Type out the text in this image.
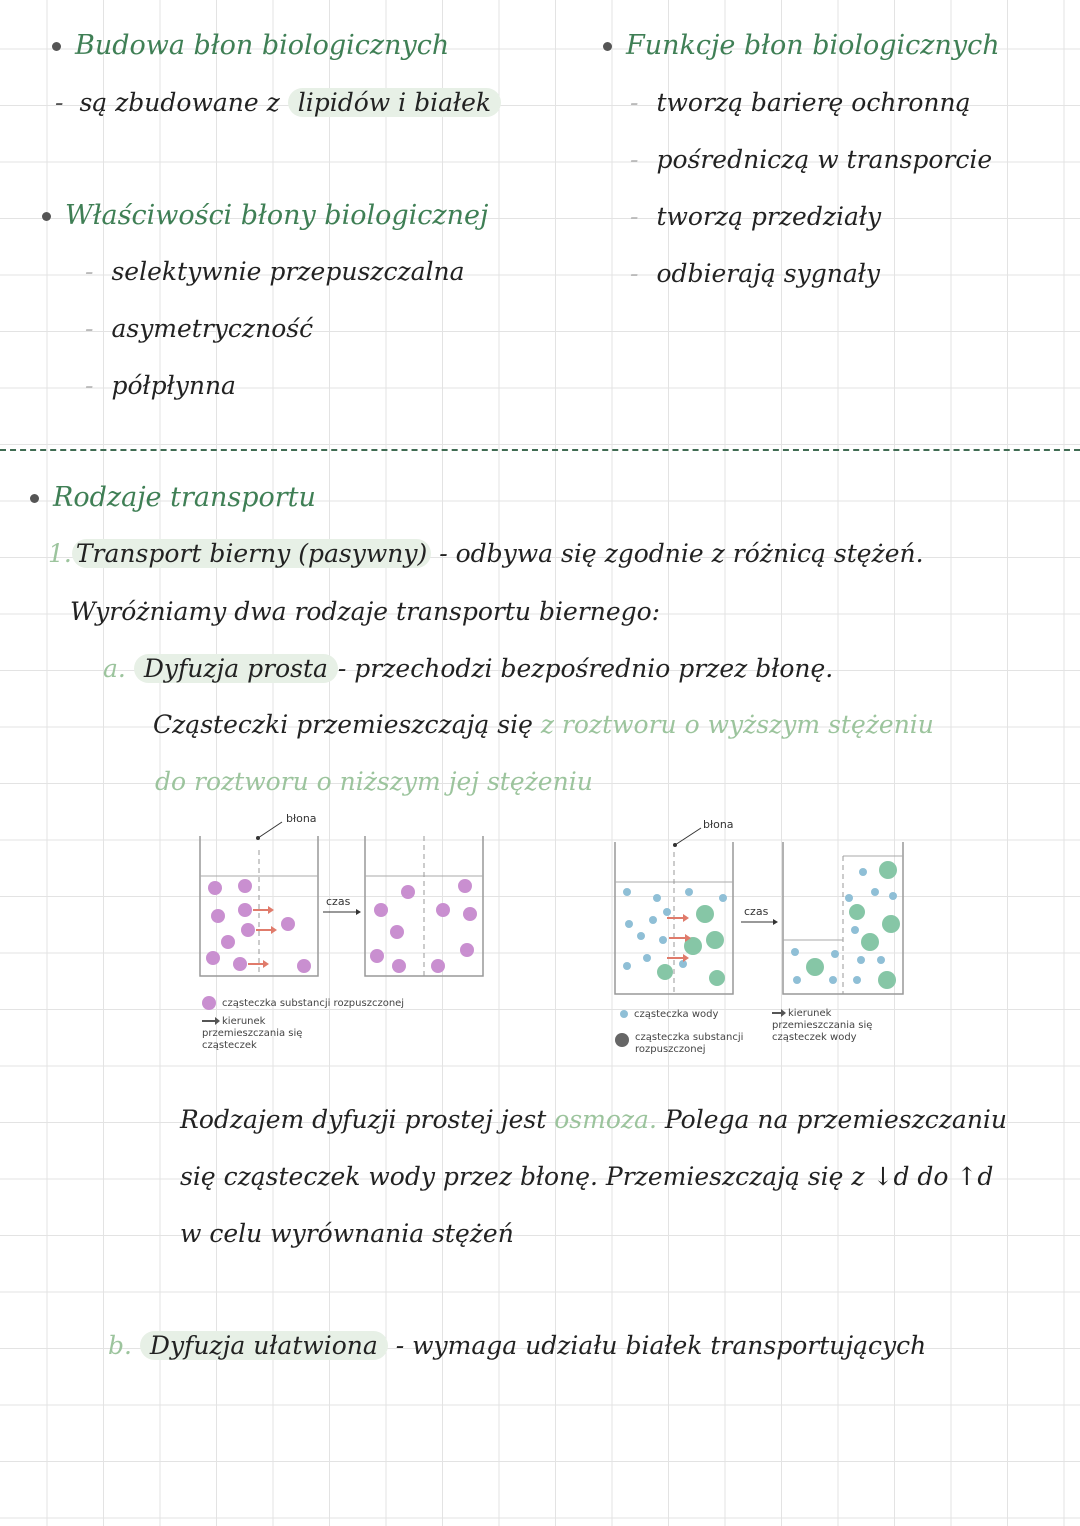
Budowa błon biologicznych
- są zbudowane z lipidów i białek
Funkcje błon biologicznych
- tworzą barierę ochronną
- pośredniczą w transporcie
- tworzą przedziały
- odbierają sygnały
Właściwości błony biologicznej
- selektywnie przepuszczalna
- asymetryczność
- półpłynna
Rodzaje transportu
1. Transport bierny (pasywny) - odbywa się zgodnie z różnicą stężeń.
Wyróżniamy dwa rodzaje transportu biernego:
a. Dyfuzja prosta - przechodzi bezpośrednio przez błonę.
Cząsteczki przemieszczają się z roztworu o wyższym stężeniu
do roztworu o niższym jej stężeniu
błona
czas
cząsteczka substancji rozpuszczonej
kierunek przemieszczania się cząsteczek
błona
czas
cząsteczka wody
cząsteczka substancji rozpuszczonej
kierunek przemieszczania się cząsteczek wody
Rodzajem dyfuzji prostej jest osmoza. Polega na przemieszczaniu
się cząsteczek wody przez błonę. Przemieszczają się z ↓d do ↑d
w celu wyrównania stężeń
b. Dyfuzja ułatwiona - wymaga udziału białek transportujących
